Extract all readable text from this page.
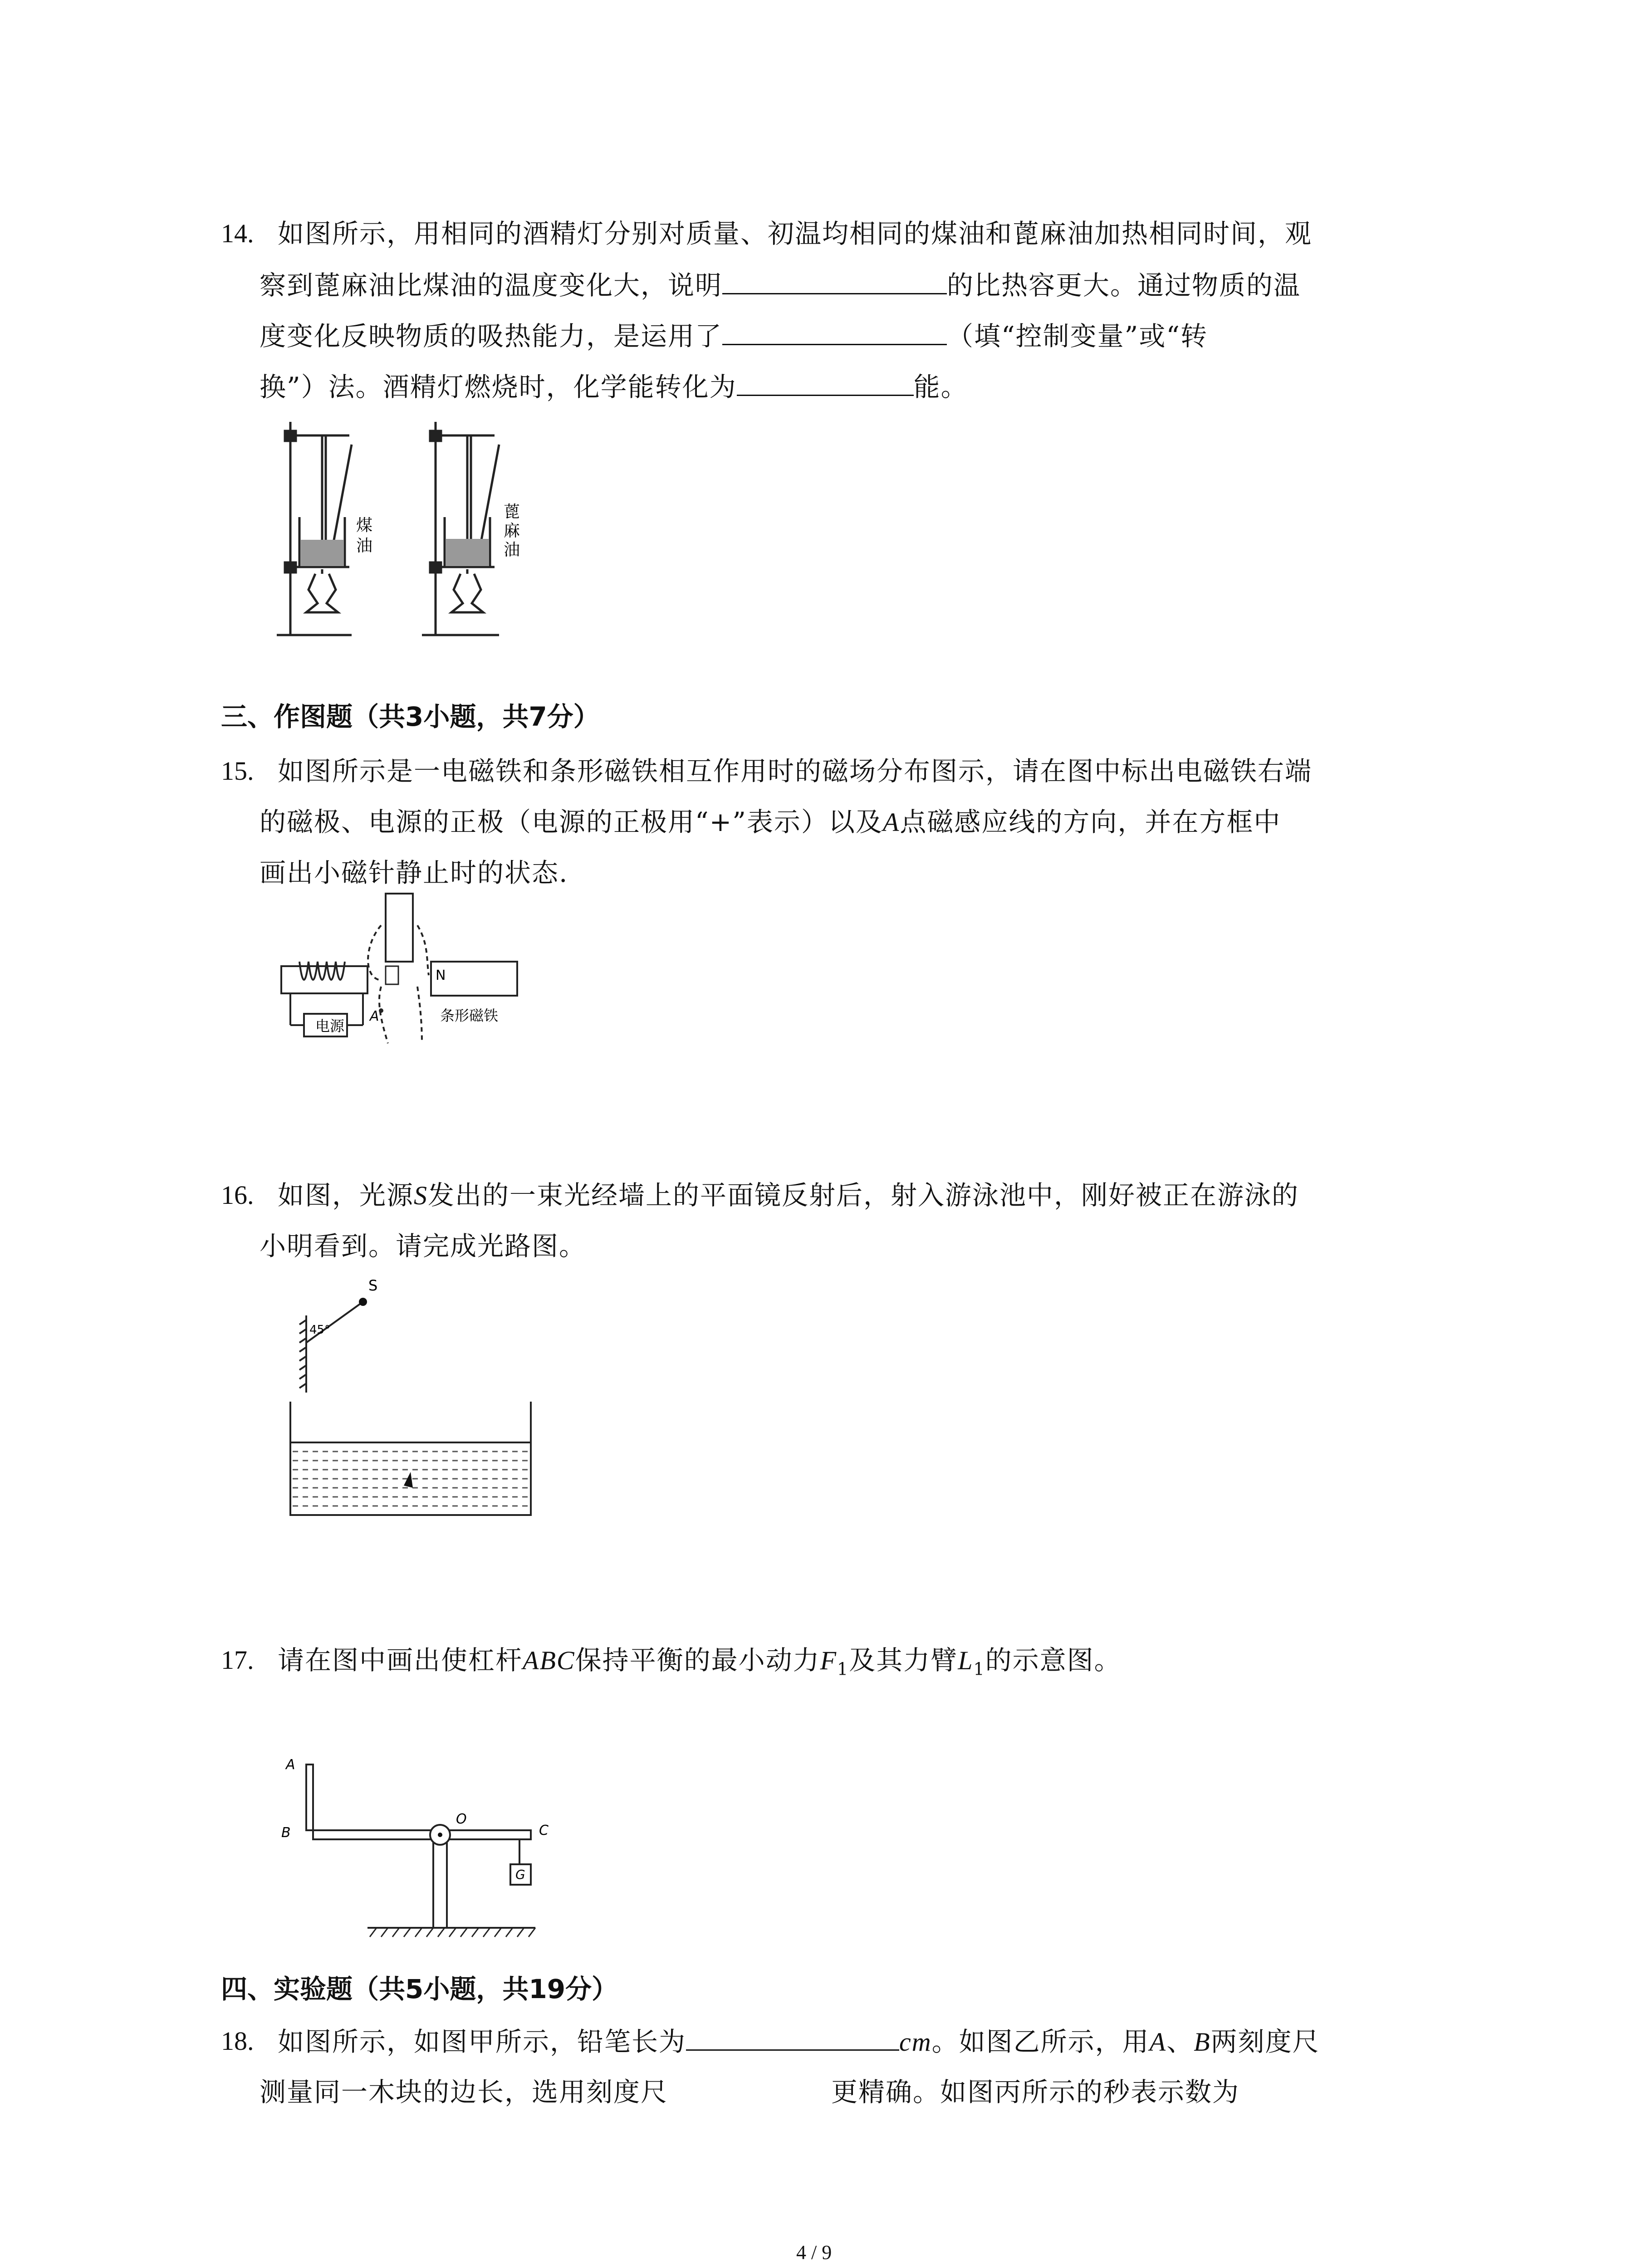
14. 如图所示，用相同的酒精灯分别对质量、初温均相同的煤油和蓖麻油加热相同时间，观
察到蓖麻油比煤油的温度变化大，说明	的比热容更大。通过物质的温
度变化反映物质的吸热能力，是运用了	（填“控制变量”或“转
换”）法。酒精灯燃烧时，化学能转化为	能。
煤
油
蓖
麻
油
三、作图题（共3小题，共7分）
15. 如图所示是一电磁铁和条形磁铁相互作用时的磁场分布图示，请在图中标出电磁铁右端
的磁极、电源的正极（电源的正极用“+”表示）以及A点磁感应线的方向，并在方框中
画出小磁针静止时的状态.
电源
N
条形磁铁
A
16. 如图，光源S发出的一束光经墙上的平面镜反射后，射入游泳池中，刚好被正在游泳的
小明看到。请完成光路图。
S
45°
17. 请在图中画出使杠杆ABC保持平衡的最小动力$F_1$及其力臂$L_1$的示意图。
A
B
O
C
G
四、实验题（共5小题，共19分）
18. 如图所示，如图甲所示，铅笔长为	cm。如图乙所示，用A、B两刻度尺
测量同一木块的边长，选用刻度尺	更精确。如图丙所示的秒表示数为
4 / 9
